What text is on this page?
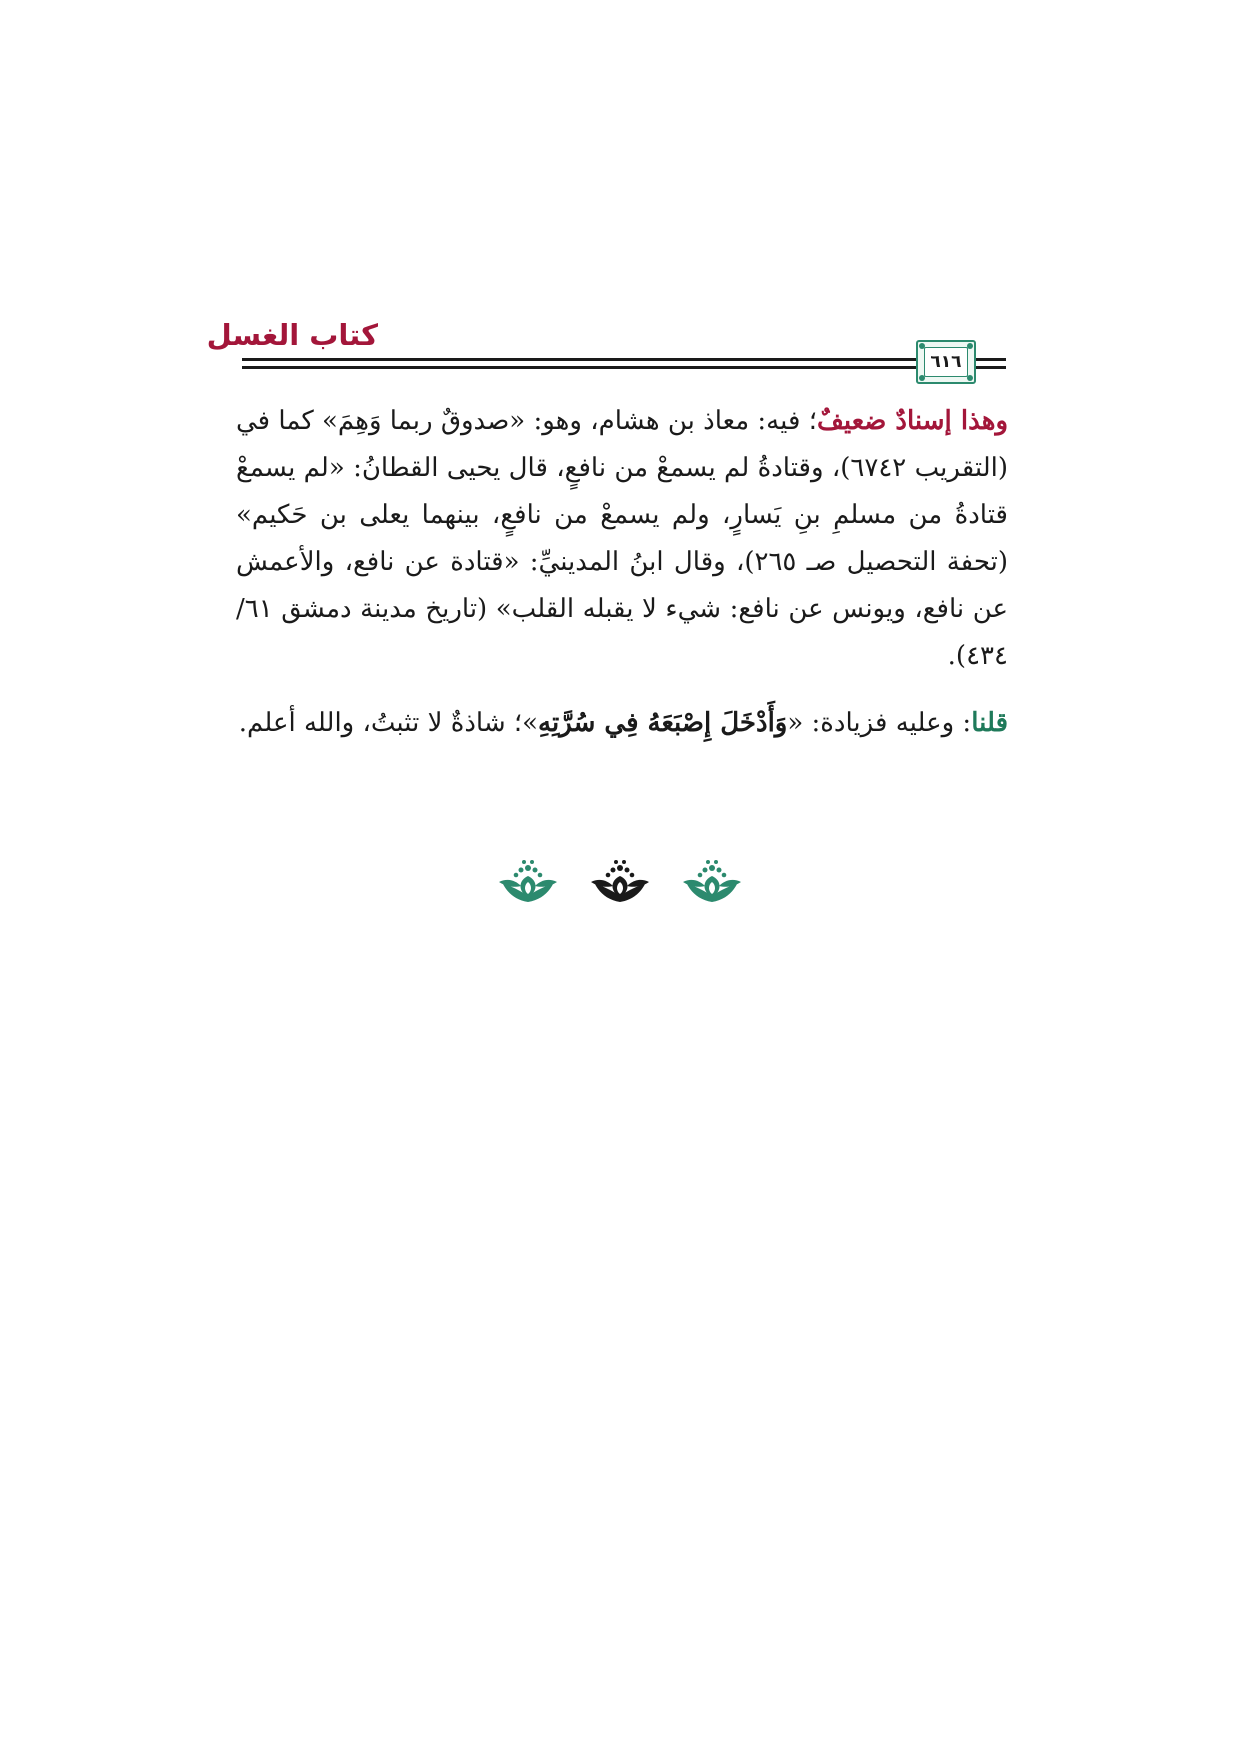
كتاب الغسل
٦١٦

وهذا إسنادٌ ضعيفٌ؛ فيه: معاذ بن هشام، وهو: «صدوقٌ ربما وَهِمَ» كما في (التقريب ٦٧٤٢)، وقتادةُ لم يسمعْ من نافعٍ، قال يحيى القطانُ: «لم يسمعْ قتادةُ من مسلمِ بنِ يَسارٍ، ولم يسمعْ من نافعٍ، بينهما يعلى بن حَكيم» (تحفة التحصيل صـ ٢٦٥)، وقال ابنُ المدينيِّ: «قتادة عن نافع، والأعمش عن نافع، ويونس عن نافع: شيء لا يقبله القلب» (تاريخ مدينة دمشق ٦١/ ٤٣٤).

قلنا: وعليه فزيادة: «وَأَدْخَلَ إِصْبَعَهُ فِي سُرَّتِهِ»؛ شاذةٌ لا تثبتُ، والله أعلم.
